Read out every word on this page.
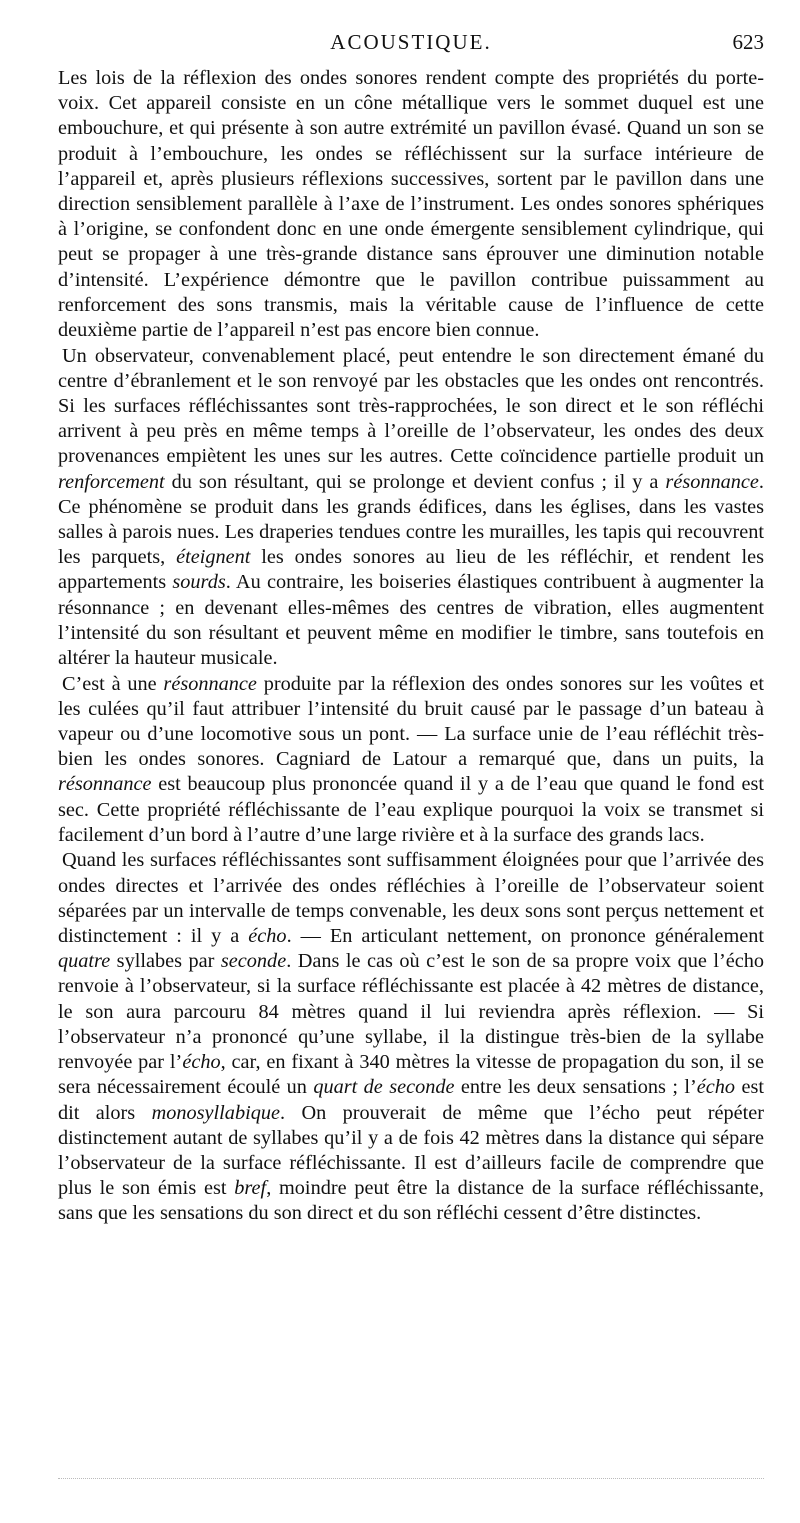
ACOUSTIQUE.	623

Les lois de la réflexion des ondes sonores rendent compte des propriétés du porte-voix. Cet appareil consiste en un cône métallique vers le sommet duquel est une embouchure, et qui présente à son autre extrémité un pavillon évasé. Quand un son se produit à l’embouchure, les ondes se réfléchissent sur la surface intérieure de l’appareil et, après plusieurs réflexions successives, sortent par le pavillon dans une direction sensiblement parallèle à l’axe de l’instrument. Les ondes sonores sphériques à l’origine, se confondent donc en une onde émergente sensiblement cylindrique, qui peut se propager à une très-grande distance sans éprouver une diminution notable d’intensité. L’expérience démontre que le pavillon contribue puissamment au renforcement des sons transmis, mais la véritable cause de l’influence de cette deuxième partie de l’appareil n’est pas encore bien connue.

Un observateur, convenablement placé, peut entendre le son directement émané du centre d’ébranlement et le son renvoyé par les obstacles que les ondes ont rencontrés. Si les surfaces réfléchissantes sont très-rapprochées, le son direct et le son réfléchi arrivent à peu près en même temps à l’oreille de l’observateur, les ondes des deux provenances empiètent les unes sur les autres. Cette coïncidence partielle produit un renforcement du son résultant, qui se prolonge et devient confus ; il y a résonnance. Ce phénomène se produit dans les grands édifices, dans les églises, dans les vastes salles à parois nues. Les draperies tendues contre les murailles, les tapis qui recouvrent les parquets, éteignent les ondes sonores au lieu de les réfléchir, et rendent les appartements sourds. Au contraire, les boiseries élastiques contribuent à augmenter la résonnance ; en devenant elles-mêmes des centres de vibration, elles augmentent l’intensité du son résultant et peuvent même en modifier le timbre, sans toutefois en altérer la hauteur musicale.

C’est à une résonnance produite par la réflexion des ondes sonores sur les voûtes et les culées qu’il faut attribuer l’intensité du bruit causé par le passage d’un bateau à vapeur ou d’une locomotive sous un pont. — La surface unie de l’eau réfléchit très-bien les ondes sonores. Cagniard de Latour a remarqué que, dans un puits, la résonnance est beaucoup plus prononcée quand il y a de l’eau que quand le fond est sec. Cette propriété réfléchissante de l’eau explique pourquoi la voix se transmet si facilement d’un bord à l’autre d’une large rivière et à la surface des grands lacs.

Quand les surfaces réfléchissantes sont suffisamment éloignées pour que l’arrivée des ondes directes et l’arrivée des ondes réfléchies à l’oreille de l’observateur soient séparées par un intervalle de temps convenable, les deux sons sont perçus nettement et distinctement : il y a écho. — En articulant nettement, on prononce généralement quatre syllabes par seconde. Dans le cas où c’est le son de sa propre voix que l’écho renvoie à l’observateur, si la surface réfléchissante est placée à 42 mètres de distance, le son aura parcouru 84 mètres quand il lui reviendra après réflexion. — Si l’observateur n’a prononcé qu’une syllabe, il la distingue très-bien de la syllabe renvoyée par l’écho, car, en fixant à 340 mètres la vitesse de propagation du son, il se sera nécessairement écoulé un quart de seconde entre les deux sensations ; l’écho est dit alors monosyllabique. On prouverait de même que l’écho peut répéter distinctement autant de syllabes qu’il y a de fois 42 mètres dans la distance qui sépare l’observateur de la surface réfléchissante. Il est d’ailleurs facile de comprendre que plus le son émis est bref, moindre peut être la distance de la surface réfléchissante, sans que les sensations du son direct et du son réfléchi cessent d’être distinctes.
